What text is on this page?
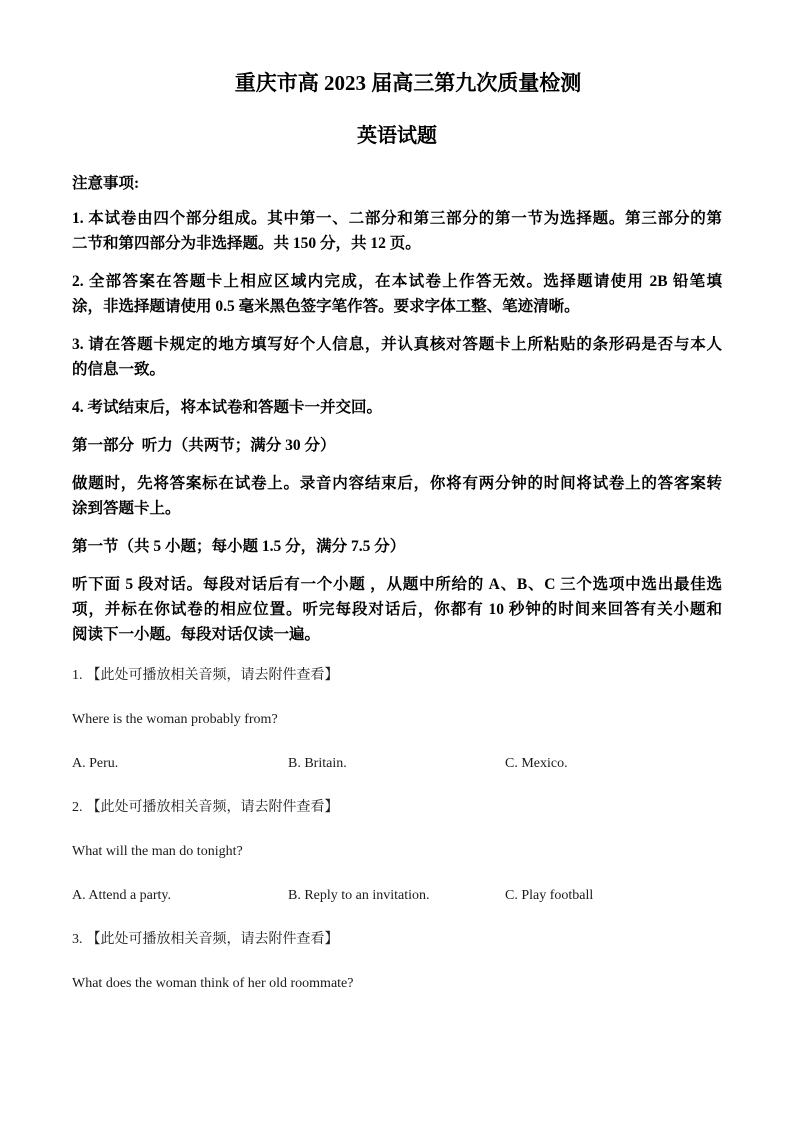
重庆市高 2023 届高三第九次质量检测
英语试题
注意事项:
1. 本试卷由四个部分组成。其中第一、二部分和第三部分的第一节为选择题。第三部分的第
二节和第四部分为非选择题。共 150 分，共 12 页。
2. 全部答案在答题卡上相应区域内完成，在本试卷上作答无效。选择题请使用 2B 铅笔填
涂，非选择题请使用 0.5 毫米黑色签字笔作答。要求字体工整、笔迹清晰。
3. 请在答题卡规定的地方填写好个人信息，并认真核对答题卡上所粘贴的条形码是否与本人
的信息一致。
4. 考试结束后，将本试卷和答题卡一并交回。
第一部分  听力（共两节；满分 30 分）
做题时，先将答案标在试卷上。录音内容结束后，你将有两分钟的时间将试卷上的答客案转
涂到答题卡上。
第一节（共 5 小题；每小题 1.5 分，满分 7.5 分）
听下面 5 段对话。每段对话后有一个小题 ，从题中所给的 A、B、C 三个选项中选出最佳选
项，并标在你试卷的相应位置。听完每段对话后，你都有 10 秒钟的时间来回答有关小题和
阅读下一小题。每段对话仅读一遍。
1. 【此处可播放相关音频，请去附件查看】
Where is the woman probably from?
A. Peru.	B. Britain.	C. Mexico.
2. 【此处可播放相关音频，请去附件查看】
What will the man do tonight?
A. Attend a party.	B. Reply to an invitation.	C. Play football
3. 【此处可播放相关音频，请去附件查看】
What does the woman think of her old roommate?
